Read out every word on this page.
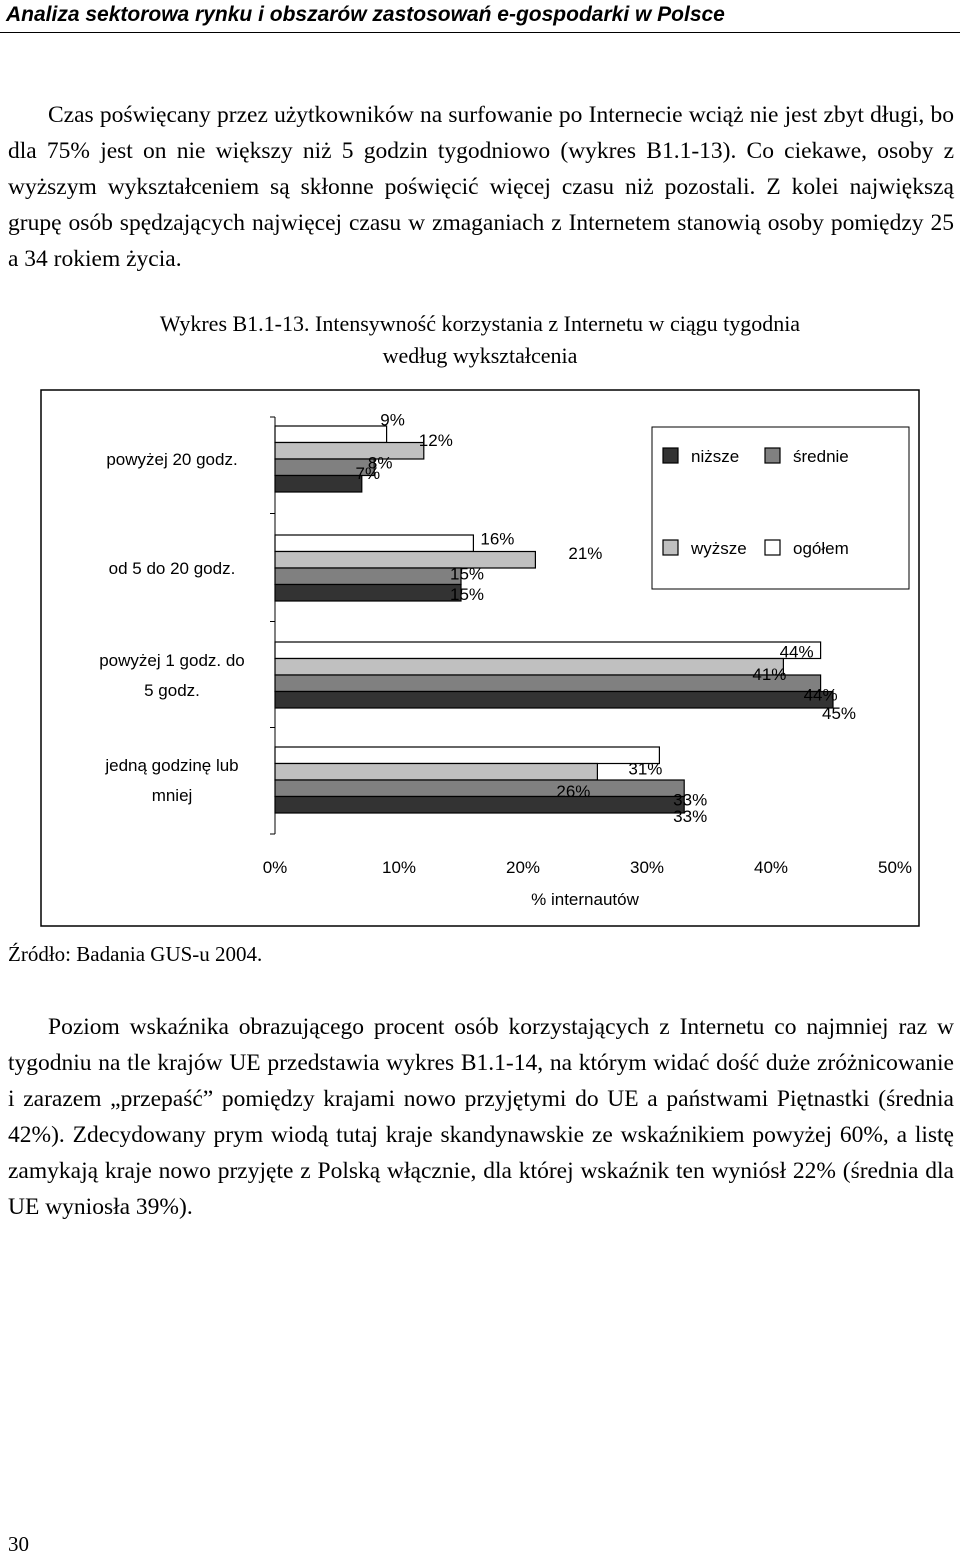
Analiza sektorowa rynku i obszarów zastosowań e-gospodarki w Polsce

Czas poświęcany przez użytkowników na surfowanie po Internecie wciąż nie jest zbyt długi, bo dla 75% jest on nie większy niż 5 godzin tygodniowo (wykres B1.1-13). Co ciekawe, osoby z wyższym wykształceniem są skłonne poświęcić więcej czasu niż pozostali. Z kolei największą grupę osób spędzających najwięcej czasu w zmaganiach z Internetem stanowią osoby pomiędzy 25 a 34 rokiem życia.

Wykres B1.1-13. Intensywność korzystania z Internetu w ciągu tygodnia
według wykształcenia
powyżej 20 godz.
od 5 do 20 godz.
powyżej 1 godz. do
5 godz.
jedną godzinę lub
mniej
9%
16%
44%
31%
12%
21%
41%
26%
8%
15%
44%
33%
7%
15%
45%
33%
0%	10%	20%	30%	40%	50%
% internautów
niższe	średnie
wyższe	ogółem
Źródło: Badania GUS-u 2004.

Poziom wskaźnika obrazującego procent osób korzystających z Internetu co najmniej raz w tygodniu na tle krajów UE przedstawia wykres B1.1-14, na którym widać dość duże zróżnicowanie i zarazem „przepaść” pomiędzy krajami nowo przyjętymi do UE a państwami Piętnastki (średnia 42%). Zdecydowany prym wiodą tutaj kraje skandynawskie ze wskaźnikiem powyżej 60%, a listę zamykają kraje nowo przyjęte z Polską włącznie, dla której wskaźnik ten wyniósł 22% (średnia dla UE wyniosła 39%).

30
